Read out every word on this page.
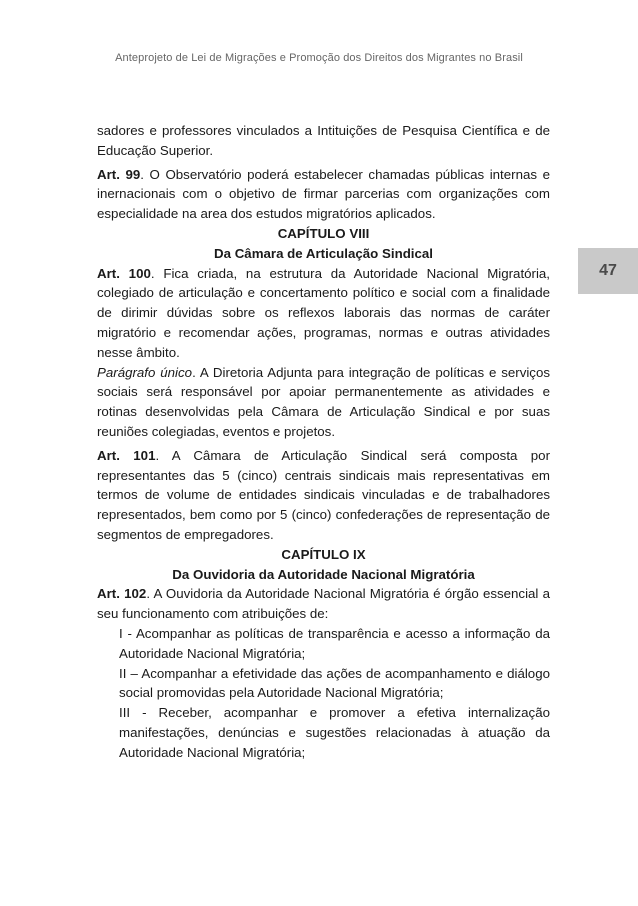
Anteprojeto de Lei de Migrações e Promoção dos Direitos dos Migrantes no Brasil
47

sadores e professores vinculados a Intituições de Pesquisa Científica e de Educação Superior.

Art. 99. O Observatório poderá estabelecer chamadas públicas internas e inernacionais com o objetivo de firmar parcerias com organizações com especialidade na area dos estudos migratórios aplicados.

CAPÍTULO VIII

Da Câmara de Articulação Sindical

Art. 100. Fica criada, na estrutura da Autoridade Nacional Migratória, colegiado de articulação e concertamento político e social com a finalidade de dirimir dúvidas sobre os reflexos laborais das normas de caráter migratório e recomendar ações, programas, normas e outras atividades nesse âmbito.

Parágrafo único. A Diretoria Adjunta para integração de políticas e serviços sociais será responsável por apoiar permanentemente as atividades e rotinas desenvolvidas pela Câmara de Articulação Sindical e por suas reuniões colegiadas, eventos e projetos.

Art. 101. A Câmara de Articulação Sindical será composta por representantes das 5 (cinco) centrais sindicais mais representativas em termos de volume de entidades sindicais vinculadas e de trabalhadores representados, bem como por 5 (cinco) confederações de representação de segmentos de empregadores.

CAPÍTULO IX

Da Ouvidoria da Autoridade Nacional Migratória

Art. 102. A Ouvidoria da Autoridade Nacional Migratória é órgão essencial a seu funcionamento com atribuições de:

I - Acompanhar as políticas de transparência e acesso a informação da Autoridade Nacional Migratória;

II – Acompanhar a efetividade das ações de acompanhamento e diálogo social promovidas pela Autoridade Nacional Migratória;

III - Receber, acompanhar e promover a efetiva internalização manifestações, denúncias e sugestões relacionadas à atuação da Autoridade Nacional Migratória;
